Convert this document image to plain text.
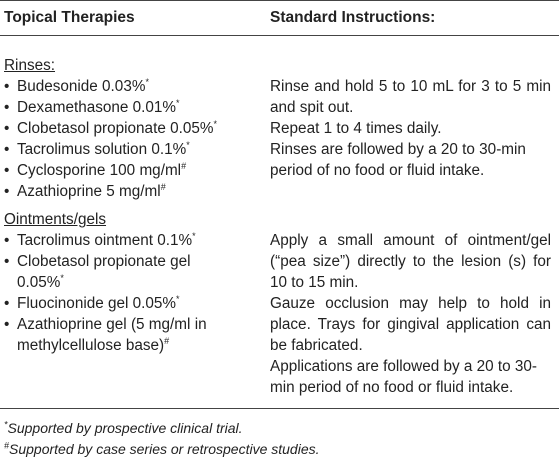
Topical Therapies	Standard Instructions:
Rinses:
• Budesonide 0.03%*
• Dexamethasone 0.01%*
• Clobetasol propionate 0.05%*
• Tacrolimus solution 0.1%*
• Cyclosporine 100 mg/ml#
• Azathioprine 5 mg/ml#

Rinse and hold 5 to 10 mL for 3 to 5 min and spit out.

Repeat 1 to 4 times daily.

Rinses are followed by a 20 to 30-min period of no food or fluid intake.

Ointments/gels
• Tacrolimus ointment 0.1%*
• Clobetasol propionate gel 0.05%*
• Fluocinonide gel 0.05%*
• Azathioprine gel (5 mg/ml in methylcellulose base)#

Apply a small amount of ointment/gel (“pea size”) directly to the lesion (s) for 10 to 15 min.

Gauze occlusion may help to hold in place. Trays for gingival application can be fabricated.

Applications are followed by a 20 to 30-min period of no food or fluid intake.

*Supported by prospective clinical trial.
#Supported by case series or retrospective studies.
